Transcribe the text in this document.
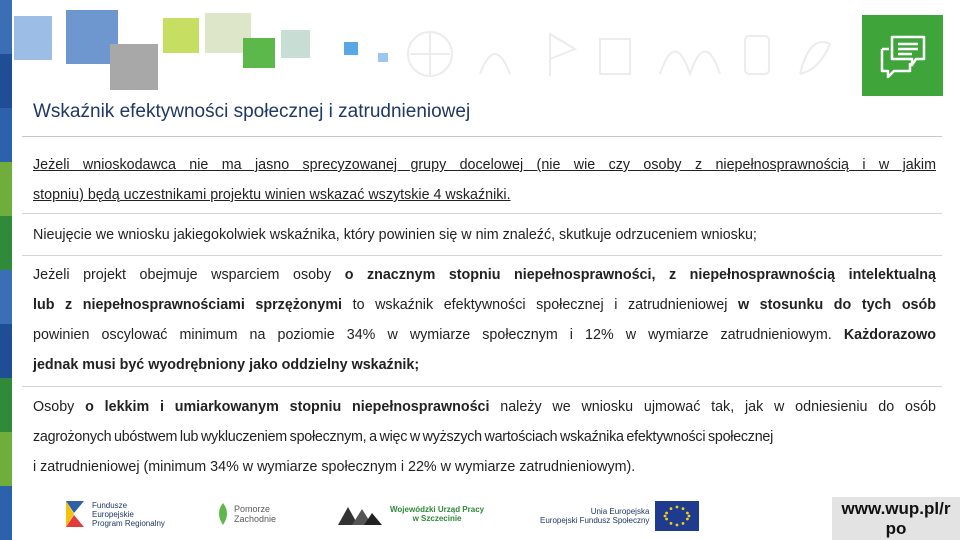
Wskaźnik efektywności społecznej i zatrudnieniowej
Jeżeli wnioskodawca nie ma jasno sprecyzowanej grupy docelowej (nie wie czy osoby z niepełnosprawnością i w jakim
stopniu) będą uczestnikami projektu winien wskazać wszytskie 4 wskaźniki.
Nieujęcie we wniosku jakiegokolwiek wskaźnika, który powinien się w nim znaleźć, skutkuje odrzuceniem wniosku;
Jeżeli projekt obejmuje wsparciem osoby o znacznym stopniu niepełnosprawności, z niepełnosprawnością intelektualną
lub z niepełnosprawnościami sprzężonymi to wskaźnik efektywności społecznej i zatrudnieniowej w stosunku do tych osób
powinien oscylować minimum na poziomie 34% w wymiarze społecznym i 12% w wymiarze zatrudnieniowym. Każdorazowo
jednak musi być wyodrębniony jako oddzielny wskaźnik;
Osoby o lekkim i umiarkowanym stopniu niepełnosprawności należy we wniosku ujmować tak, jak w odniesieniu do osób
zagrożonych ubóstwem lub wykluczeniem społecznym, a więc w wyższych wartościach wskaźnika efektywności społecznej
i zatrudnieniowej (minimum 34% w wymiarze społecznym i 22% w wymiarze zatrudnieniowym).
Fundusze
Europejskie
Program Regionalny
Pomorze
Zachodnie
Wojewódzki Urząd Pracy
w Szczecinie
Unia Europejska
Europejski Fundusz Społeczny
www.wup.pl/r
po
